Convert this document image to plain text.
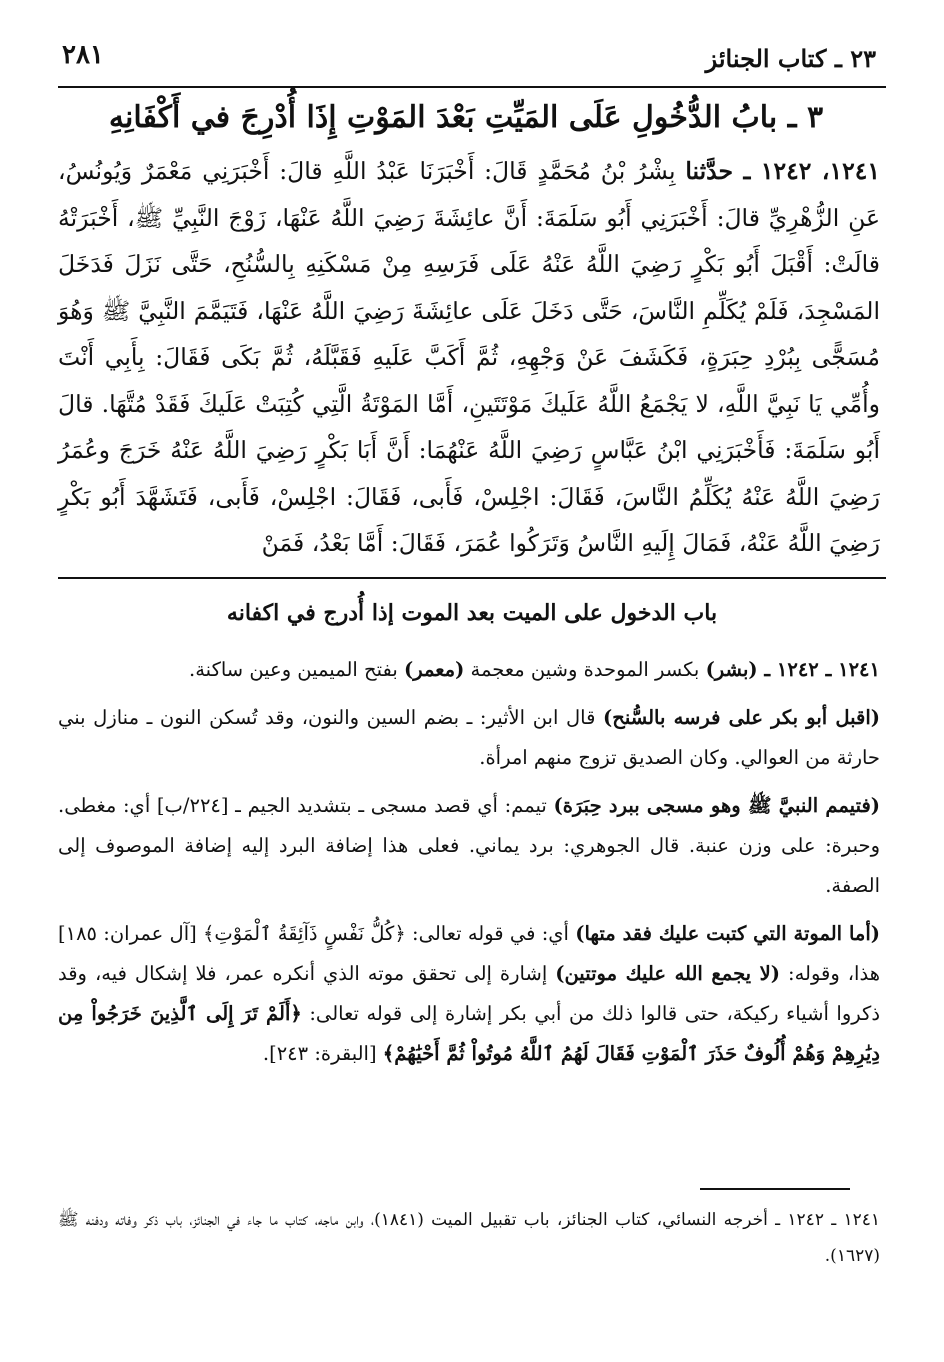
٢٨١	٢٣ ـ كتاب الجنائز
٣ ـ بابُ الدُّخُولِ عَلَى المَيِّتِ بَعْدَ المَوْتِ إِذَا أُدْرِجَ في أَكْفَانِهِ
١٢٤١، ١٢٤٢ ـ حدَّثنا بِشْرُ بْنُ مُحَمَّدٍ قَالَ: أَخْبَرَنَا عَبْدُ اللَّهِ قالَ: أَخْبَرَنِي مَعْمَرٌ وَيُونُسُ، عَنِ الزُّهْرِيِّ قالَ: أَخْبَرَنِي أَبُو سَلَمَةَ: أَنَّ عائِشَةَ رَضِيَ اللَّهُ عَنْهَا، زَوْجَ النَّبِيِّ ﷺ، أَخْبَرَتْهُ قالَتْ: أَقْبَلَ أَبُو بَكْرٍ رَضِيَ اللَّهُ عَنْهُ عَلَى فَرَسِهِ مِنْ مَسْكَنِهِ بِالسُّنُحِ، حَتَّى نَزَلَ فَدَخَلَ المَسْجِدَ، فَلَمْ يُكَلِّمِ النَّاسَ، حَتَّى دَخَلَ عَلَى عائِشَةَ رَضِيَ اللَّهُ عَنْهَا، فَتَيَمَّمَ النَّبِيَّ ﷺ وَهُوَ مُسَجًّى بِبُرْدِ حِبَرَةٍ، فَكَشَفَ عَنْ وَجْهِهِ، ثُمَّ أَكَبَّ عَلَيهِ فَقَبَّلَهُ، ثُمَّ بَكَى فَقَالَ: بِأَبِي أَنْتَ وأُمِّي يَا نَبِيَّ اللَّهِ، لا يَجْمَعُ اللَّهُ عَلَيكَ مَوْتَتَينِ، أَمَّا المَوْتَةُ الَّتِي كُتِبَتْ عَلَيكَ فَقَدْ مُتَّهَا. قالَ أَبُو سَلَمَةَ: فَأَخْبَرَنِي ابْنُ عَبَّاسٍ رَضِيَ اللَّهُ عَنْهُمَا: أَنَّ أَبَا بَكْرٍ رَضِيَ اللَّهُ عَنْهُ خَرَجَ وعُمَرُ رَضِيَ اللَّهُ عَنْهُ يُكَلِّمُ النَّاسَ، فَقَالَ: اجْلِسْ، فَأَبى، فَقَالَ: اجْلِسْ، فَأَبى، فَتَشَهَّدَ أَبُو بَكْرٍ رَضِيَ اللَّهُ عَنْهُ، فَمَالَ إِلَيهِ النَّاسُ وَتَرَكُوا عُمَرَ، فَقَالَ: أَمَّا بَعْدُ، فَمَنْ
باب الدخول على الميت بعد الموت إذا أُدرج في اكفانه

١٢٤١ ـ ١٢٤٢ ـ (بشر) بكسر الموحدة وشين معجمة (معمر) بفتح الميمين وعين ساكنة.

(اقبل أبو بكر على فرسه بالسُّنح) قال ابن الأثير: ـ بضم السين والنون، وقد تُسكن النون ـ منازل بني حارثة من العوالي. وكان الصديق تزوج منهم امرأة.

(فتيمم النبيَّ ﷺ وهو مسجى ببرد حِبَرَة) تيمم: أي قصد مسجى ـ بتشديد الجيم ـ [٢٢٤/ب] أي: مغطى. وحبرة: على وزن عنبة. قال الجوهري: برد يماني. فعلى هذا إضافة البرد إليه إضافة الموصوف إلى الصفة.

(أما الموتة التي كتبت عليك فقد متها) أي: في قوله تعالى: ﴿كُلُّ نَفْسٍ ذَآئِقَةُ ٱلْمَوْتِ﴾ [آل عمران: ١٨٥] هذا، وقوله: (لا يجمع الله عليك موتتين) إشارة إلى تحقق موته الذي أنكره عمر، فلا إشكال فيه، وقد ذكروا أشياء ركيكة، حتى قالوا ذلك من أبي بكر إشارة إلى قوله تعالى: ﴿أَلَمْ تَرَ إِلَى ٱلَّذِينَ خَرَجُواْ مِن دِيَٰرِهِمْ وَهُمْ أُلُوفٌ حَذَرَ ٱلْمَوْتِ فَقَالَ لَهُمُ ٱللَّهُ مُوتُواْ ثُمَّ أَحْيَٰهُمْ﴾ [البقرة: ٢٤٣].

١٢٤١ ـ ١٢٤٢ ـ أخرجه النسائي، كتاب الجنائز، باب تقبيل الميت (١٨٤١)، وابن ماجه، كتاب ما جاء في الجنائز، باب ذكر وفاته ودفنه ﷺ (١٦٢٧).
